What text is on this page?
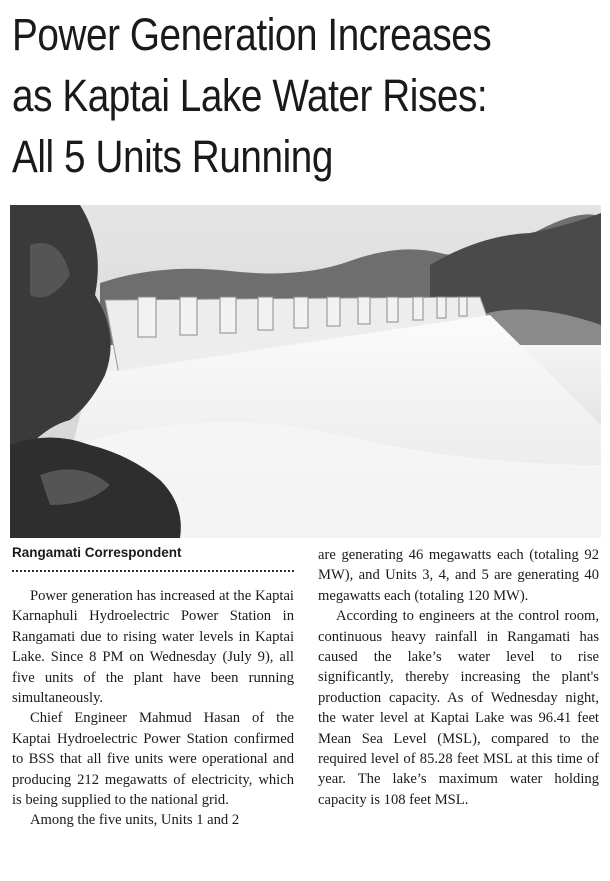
Power Generation Increases
as Kaptai Lake Water Rises:
All 5 Units Running
Rangamati Correspondent

Power generation has increased at the Kaptai Karnaphuli Hydroelectric Power Station in Rangamati due to rising water levels in Kaptai Lake. Since 8 PM on Wednesday (July 9), all five units of the plant have been running simultaneously.

Chief Engineer Mahmud Hasan of the Kaptai Hydroelectric Power Station confirmed to BSS that all five units were operational and producing 212 megawatts of electricity, which is being supplied to the national grid.

Among the five units, Units 1 and 2

are generating 46 megawatts each (totaling 92 MW), and Units 3, 4, and 5 are generating 40 megawatts each (totaling 120 MW).

According to engineers at the control room, continuous heavy rainfall in Rangamati has caused the lake’s water level to rise significantly, thereby increasing the plant's production capacity. As of Wednesday night, the water level at Kaptai Lake was 96.41 feet Mean Sea Level (MSL), compared to the required level of 85.28 feet MSL at this time of year. The lake’s maximum water holding capacity is 108 feet MSL.
